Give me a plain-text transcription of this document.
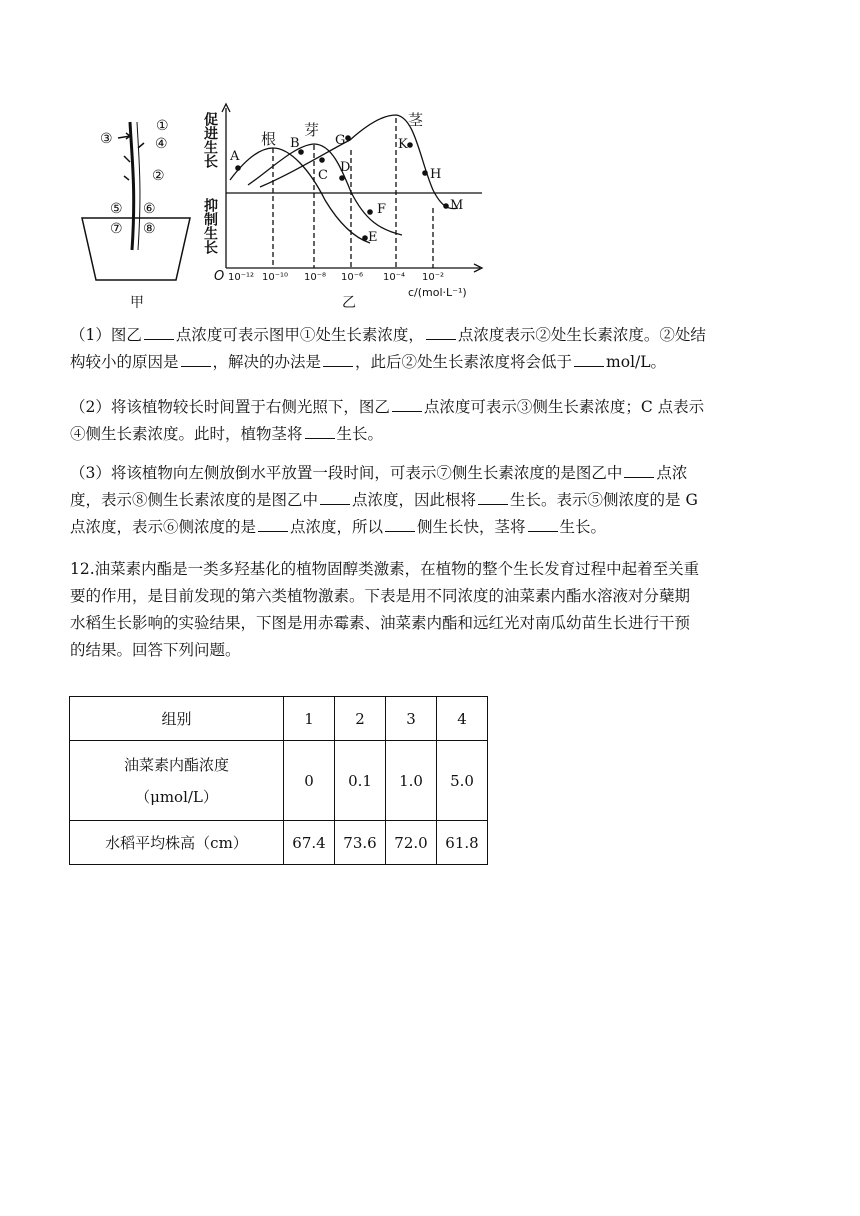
①
③	④
②
⑤ ⑥
⑦ ⑧
甲
A
B
C
D
E
F
G	K
H
M
根 芽
茎
促进生长
抑制生长
O 10⁻¹² 10⁻¹⁰ 10⁻⁸ 10⁻⁶ 10⁻⁴ 10⁻²
c/(mol·L⁻¹)
乙
（1）图乙 点浓度可表示图甲①处生长素浓度， 点浓度表示②处生长素浓度。②处结
构较小的原因是 ，解决的办法是 ，此后②处生长素浓度将会低于 mol/L。
（2）将该植物较长时间置于右侧光照下，图乙 点浓度可表示③侧生长素浓度；C 点表示
④侧生长素浓度。此时，植物茎将 生长。
（3）将该植物向左侧放倒水平放置一段时间，可表示⑦侧生长素浓度的是图乙中 点浓
度，表示⑧侧生长素浓度的是图乙中 点浓度，因此根将 生长。表示⑤侧浓度的是 G
点浓度，表示⑥侧浓度的是 点浓度，所以 侧生长快，茎将 生长。
12.油菜素内酯是一类多羟基化的植物固醇类激素，在植物的整个生长发育过程中起着至关重
要的作用，是目前发现的第六类植物激素。下表是用不同浓度的油菜素内酯水溶液对分蘖期
水稻生长影响的实验结果，下图是用赤霉素、油菜素内酯和远红光对南瓜幼苗生长进行干预
的结果。回答下列问题。
组别	1	2	3	4
油菜素内酯浓度
（μmol/L）	0	0.1	1.0	5.0
水稻平均株高（cm）	67.4	73.6	72.0	61.8
